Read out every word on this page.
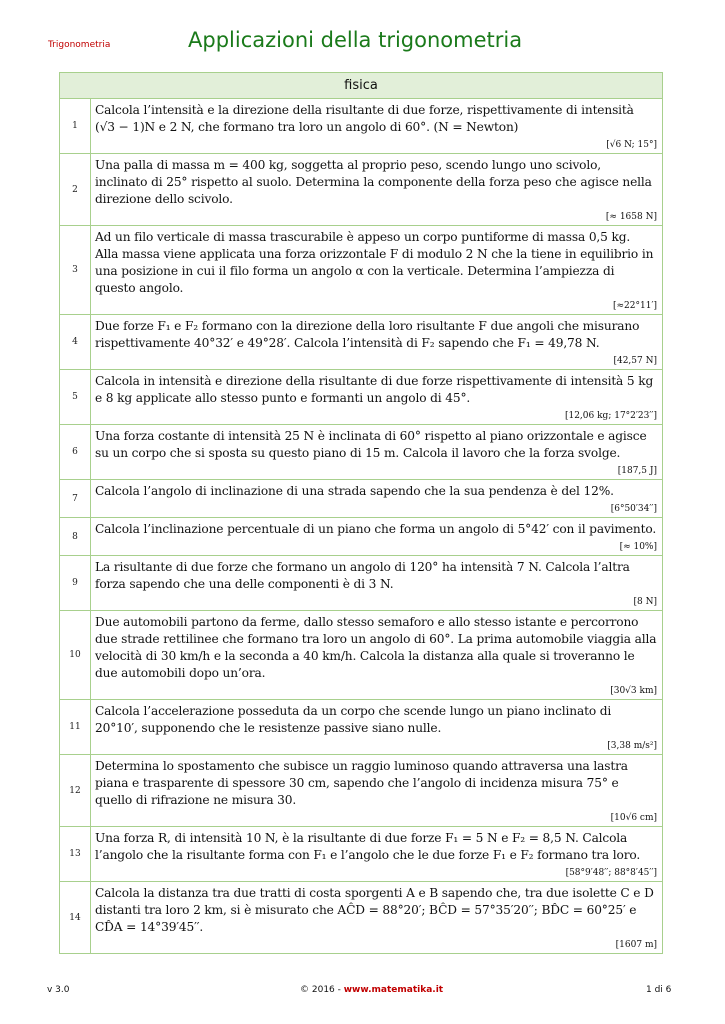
Trigonometria	Applicazioni della trigonometria
fisica	
1	Calcola l’intensità e la direzione della risultante di due forze, rispettivamente di intensità (√3 − 1)N e 2 N, che formano tra loro un angolo di 60°. (N = Newton)
[√6 N; 15°]

2	Una palla di massa m = 400 kg, soggetta al proprio peso, scendo lungo uno scivolo, inclinato di 25° rispetto al suolo. Determina la componente della forza peso che agisce nella direzione dello scivolo.
[≈ 1658 N]

3	Ad un filo verticale di massa trascurabile è appeso un corpo puntiforme di massa 0,5 kg. Alla massa viene applicata una forza orizzontale F di modulo 2 N che la tiene in equilibrio in una posizione in cui il filo forma un angolo α con la verticale. Determina l’ampiezza di questo angolo.
[≈22°11′]

4	Due forze F₁ e F₂ formano con la direzione della loro risultante F due angoli che misurano rispettivamente 40°32′ e 49°28′. Calcola l’intensità di F₂ sapendo che F₁ = 49,78 N.
[42,57 N]

5	Calcola in intensità e direzione della risultante di due forze rispettivamente di intensità 5 kg e 8 kg applicate allo stesso punto e formanti un angolo di 45°.
[12,06 kg; 17°2′23′′]

6	Una forza costante di intensità 25 N è inclinata di 60° rispetto al piano orizzontale e agisce su un corpo che si sposta su questo piano di 15 m. Calcola il lavoro che la forza svolge.
[187,5 J]

7	Calcola l’angolo di inclinazione di una strada sapendo che la sua pendenza è del 12%.
[6°50′34′′]

8	Calcola l’inclinazione percentuale di un piano che forma un angolo di 5°42′ con il pavimento.
[≈ 10%]

9	La risultante di due forze che formano un angolo di 120° ha intensità 7 N. Calcola l’altra forza sapendo che una delle componenti è di 3 N.
[8 N]

10	Due automobili partono da ferme, dallo stesso semaforo e allo stesso istante e percorrono due strade rettilinee che formano tra loro un angolo di 60°. La prima automobile viaggia alla velocità di 30 km/h e la seconda a 40 km/h. Calcola la distanza alla quale si troveranno le due automobili dopo un’ora.
[30√3 km]

11	Calcola l’accelerazione posseduta da un corpo che scende lungo un piano inclinato di 20°10′, supponendo che le resistenze passive siano nulle.
[3,38 m/s²]

12	Determina lo spostamento che subisce un raggio luminoso quando attraversa una lastra piana e trasparente di spessore 30 cm, sapendo che l’angolo di incidenza misura 75° e quello di rifrazione ne misura 30.
[10√6 cm]

13	Una forza R, di intensità 10 N, è la risultante di due forze F₁ = 5 N e F₂ = 8,5 N. Calcola l’angolo che la risultante forma con F₁ e l’angolo che le due forze F₁ e F₂ formano tra loro.
[58°9′48′′; 88°8′45′′]

14	Calcola la distanza tra due tratti di costa sporgenti A e B sapendo che, tra due isolette C e D distanti tra loro 2 km, si è misurato che AĈD = 88°20′; BĈD = 57°35′20′′; BD̂C = 60°25′ e CD̂A = 14°39′45′′.
[1607 m]
v 3.0	© 2016 - www.matematika.it	1 di 6
